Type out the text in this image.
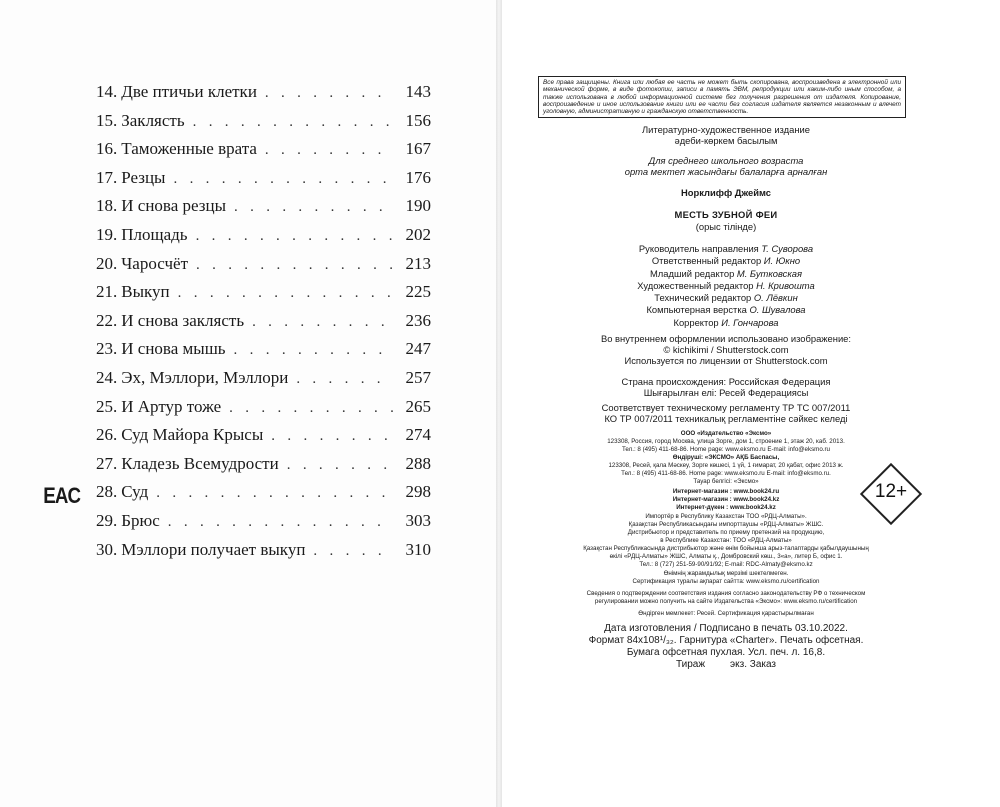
14. Две птичьи клетки . . .	143
15. Заклясть . . .	156
16. Таможенные врата . . .	167
17. Резцы . . .	176
18. И снова резцы . . .	190
19. Площадь . . .	202
20. Чаросчёт . . .	213
21. Выкуп . . .	225
22. И снова заклясть . . .	236
23. И снова мышь . . .	247
24. Эх, Мэллори, Мэллори . . .	257
25. И Артур тоже . . .	265
26. Суд Майора Крысы . . .	274
27. Кладезь Всемудрости . . .	288
28. Суд . . .	298
29. Брюс . . .	303
30. Мэллори получает выкуп . . .	310
Все права защищены. Книга или любая ее часть не может быть скопирована, воспроизведена в электронной или механической форме, в виде фотокопии, записи в память ЭВМ, репродукции или каким-либо иным способом, а также использована в любой информационной системе без получения разрешения от издателя. Копирование, воспроизведение и иное использование книги или ее части без согласия издателя является незаконным и влечет уголовную, административную и гражданскую ответственность.
Литературно-художественное издание
әдеби-көркем басылым
Для среднего школьного возраста
орта мектеп жасындағы балаларға арналған
Норклифф Джеймс
МЕСТЬ ЗУБНОЙ ФЕИ
(орыс тілінде)
Руководитель направления Т. Суворова
Ответственный редактор И. Юкно
Младший редактор М. Бутковская
Художественный редактор Н. Кривошта
Технический редактор О. Лёвкин
Компьютерная верстка О. Шувалова
Корректор И. Гончарова
Во внутреннем оформлении использовано изображение:
© kichikimi / Shutterstock.com
Используется по лицензии от Shutterstock.com
Страна происхождения: Российская Федерация
Шығарылған елі: Ресей Федерациясы
Соответствует техническому регламенту ТР ТС 007/2011
КО ТР 007/2011 техникалық регламентіне сәйкес келеді
ООО «Издательство «Эксмо»
123308, Россия, город Москва, улица Зорге, дом 1, строение 1, этаж 20, каб. 2013.
Тел.: 8 (495) 411-68-86. Home page: www.eksmo.ru E-mail: info@eksmo.ru
Өндіруші: «ЭКСМО» АҚБ Баспасы,
123308, Ресей, қала Мәскеу, Зорге көшесі, 1 үй, 1 ғимарат, 20 қабат, офис 2013 ж.
Тел.: 8 (495) 411-68-86. Home page: www.eksmo.ru E-mail: info@eksmo.ru.
Тауар белгісі: «Эксмо»
Интернет-магазин : www.book24.ru
Интернет-магазин : www.book24.kz
Интернет-дүкен : www.book24.kz
Импортёр в Республику Казахстан ТОО «РДЦ-Алматы».
Қазақстан Республикасындағы импорттаушы «РДЦ-Алматы» ЖШС.
Дистрибьютор и представитель по приему претензий на продукцию,
в Республике Казахстан: ТОО «РДЦ-Алматы»
Қазақстан Республикасында дистрибьютор және өнім бойынша арыз-талаптарды қабылдаушының
өкілі «РДЦ-Алматы» ЖШС, Алматы қ., Домбровский көш., 3«а», литер Б, офис 1.
Тел.: 8 (727) 251-59-90/91/92; E-mail: RDC-Almaty@eksmo.kz
Өнімнің жарамдылық мерзімі шектелмеген.
Сертификация туралы ақпарат сайтта: www.eksmo.ru/certification
Сведения о подтверждении соответствия издания согласно законодательству РФ о техническом
регулировании можно получить на сайте Издательства «Эксмо»: www.eksmo.ru/certification
Өндірген мемлекет: Ресей. Сертификация қарастырылмаған
Дата изготовления / Подписано в печать 03.10.2022.
Формат 84x108¹/₃₂. Гарнитура «Charter». Печать офсетная.
Бумага офсетная пухлая. Усл. печ. л. 16,8.
Тираж         экз. Заказ
EAC	12+
